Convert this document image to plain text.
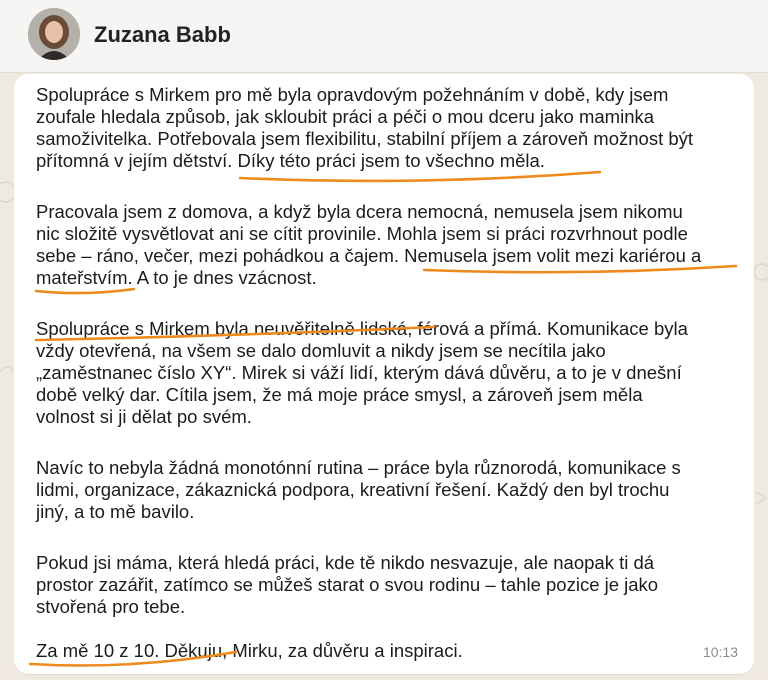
Zuzana Babb
Spolupráce s Mirkem pro mě byla opravdovým požehnáním v době, kdy jsem
zoufale hledala způsob, jak skloubit práci a péči o mou dceru jako maminka
samoživitelka. Potřebovala jsem flexibilitu, stabilní příjem a zároveň možnost být
přítomná v jejím dětství. Díky této práci jsem to všechno měla.
Pracovala jsem z domova, a když byla dcera nemocná, nemusela jsem nikomu
nic složitě vysvětlovat ani se cítit provinile. Mohla jsem si práci rozvrhnout podle
sebe – ráno, večer, mezi pohádkou a čajem. Nemusela jsem volit mezi kariérou a
mateřstvím. A to je dnes vzácnost.
Spolupráce s Mirkem byla neuvěřitelně lidská, férová a přímá. Komunikace byla
vždy otevřená, na všem se dalo domluvit a nikdy jsem se necítila jako
„zaměstnanec číslo XY“. Mirek si váží lidí, kterým dává důvěru, a to je v dnešní
době velký dar. Cítila jsem, že má moje práce smysl, a zároveň jsem měla
volnost si ji dělat po svém.
Navíc to nebyla žádná monotónní rutina – práce byla různorodá, komunikace s
lidmi, organizace, zákaznická podpora, kreativní řešení. Každý den byl trochu
jiný, a to mě bavilo.
Pokud jsi máma, která hledá práci, kde tě nikdo nesvazuje, ale naopak ti dá
prostor zazářit, zatímco se můžeš starat o svou rodinu – tahle pozice je jako
stvořená pro tebe.
Za mě 10 z 10. Děkuju, Mirku, za důvěru a inspiraci.	10:13
